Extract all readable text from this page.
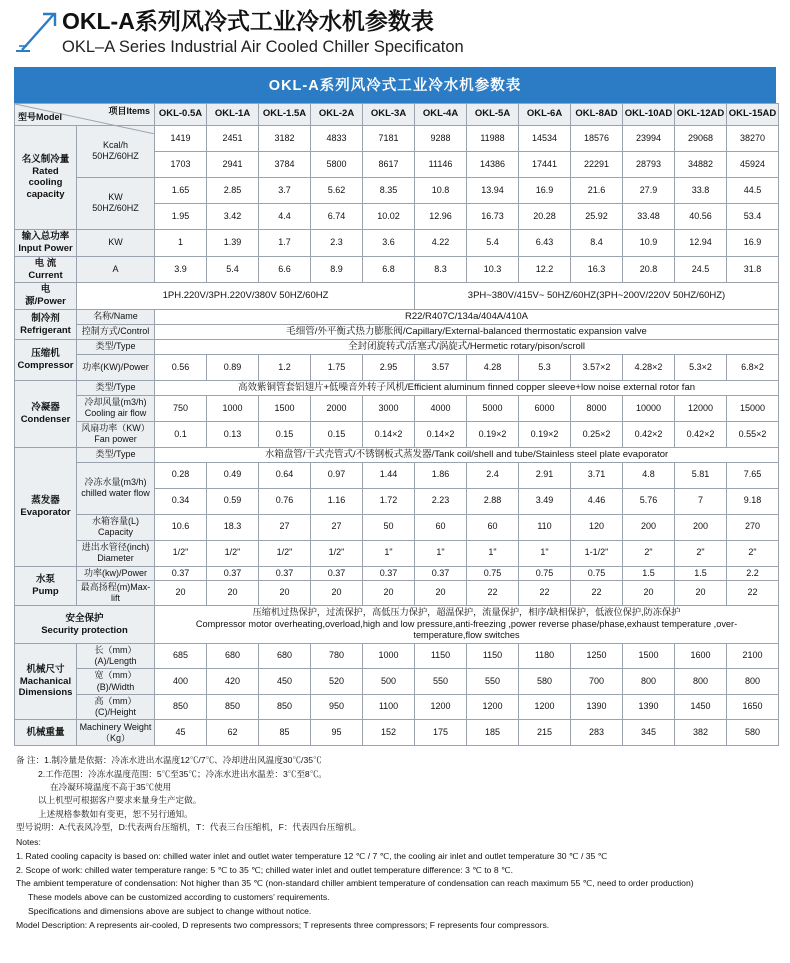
OKL-A系列风冷式工业冷水机参数表
OKL–A Series Industrial Air Cooled Chiller Specificaton
OKL-A系列风冷式工业冷水机参数表
型号Model
项目Items		OKL-0.5A	OKL-1A	OKL-1.5A	OKL-2A	OKL-3A	OKL-4A	OKL-5A	OKL-6A	OKL-8AD	OKL-10AD	OKL-12AD	OKL-15AD
名义制冷量
Rated
cooling
capacity	Kcal/h
50HZ/60HZ	1419	2451	3182	4833	7181	9288	11988	14534	18576	23994	29068	38270
		1703	2941	3784	5800	8617	11146	14386	17441	22291	28793	34882	45924
	KW
50HZ/60HZ	1.65	2.85	3.7	5.62	8.35	10.8	13.94	16.9	21.6	27.9	33.8	44.5
		1.95	3.42	4.4	6.74	10.02	12.96	16.73	20.28	25.92	33.48	40.56	53.4
输入总功率
Input Power	KW	1	1.39	1.7	2.3	3.6	4.22	5.4	6.43	8.4	10.9	12.94	16.9
电 流
Current	A	3.9	5.4	6.6	8.9	6.8	8.3	10.3	12.2	16.3	20.8	24.5	31.8
电
源/Power	1PH.220V/3PH.220V/380V 50HZ/60HZ						3PH~380V/415V~ 50HZ/60HZ(3PH~200V/220V 50HZ/60HZ)						
制冷剂
Refrigerant	名称/Name	R22/R407C/134a/404A/410A											
	控制方式/Control	毛细管/外平衡式热力膨胀阀/Capillary/External-balanced thermostatic expansion valve											
压缩机
Compressor	类型/Type	全封闭旋转式/活塞式/涡旋式/Hermetic rotary/pison/scroll											
	功率(KW)/Power	0.56	0.89	1.2	1.75	2.95	3.57	4.28	5.3	3.57×2	4.28×2	5.3×2	6.8×2
冷凝器
Condenser	类型/Type	高效紫铜管套铝翅片+低噪音外转子风机/Efficient aluminum finned copper sleeve+low noise external rotor fan											
	冷却风量(m3/h)
Cooling air flow	750	1000	1500	2000	3000	4000	5000	6000	8000	10000	12000	15000
	风扇功率（KW）
Fan power	0.1	0.13	0.15	0.15	0.14×2	0.14×2	0.19×2	0.19×2	0.25×2	0.42×2	0.42×2	0.55×2
蒸发器
Evaporator	类型/Type	水箱盘管/干式壳管式/不锈钢板式蒸发器/Tank coil/shell and tube/Stainless steel plate evaporator											
	冷冻水量(m3/h)
chilled water flow	0.28	0.49	0.64	0.97	1.44	1.86	2.4	2.91	3.71	4.8	5.81	7.65
		0.34	0.59	0.76	1.16	1.72	2.23	2.88	3.49	4.46	5.76	7	9.18
	水箱容量(L)
Capacity	10.6	18.3	27	27	50	60	60	110	120	200	200	270
	进出水管径(inch)
Diameter	1/2"	1/2"	1/2"	1/2"	1"	1"	1"	1"	1-1/2"	2"	2"	2"
水泵
Pump	功率(kw)/Power	0.37	0.37	0.37	0.37	0.37	0.37	0.75	0.75	0.75	1.5	1.5	2.2
	最高扬程(m)Max-lift	20	20	20	20	20	20	22	22	22	20	20	22
安全保护
Security protection	
压缩机过热保护，过流保护，高低压力保护，超温保护，流量保护，相序/缺相保护，低液位保护,防冻保护
Compressor motor overheating,overload,high and low pressure,anti-freezing ,power reverse phase/phase,exhaust temperature ,over-
temperature,flow switches

机械尺寸
Machanical
Dimensions	长（mm）(A)/Length	685	680	680	780	1000	1150	1150	1180	1250	1500	1600	2100
	宽（mm）(B)/Width	400	420	450	520	500	550	550	580	700	800	800	800
	高（mm）(C)/Height	850	850	850	950	1100	1200	1200	1200	1390	1390	1450	1650
机械重量	Machinery Weight
（Kg）	45	62	85	95	152	175	185	215	283	345	382	580
备 注：1.制冷量是依据：冷冻水进出水温度12℃/7℃、冷却进出风温度30℃/35℃
2.工作范围：冷冻水温度范围：5℃至35℃；冷冻水进出水温差：3℃至8℃。
在冷凝环境温度不高于35℃使用
以上机型可根据客户要求来量身生产定做。
上述规格参数如有变更，恕不另行通知。
型号说明：A:代表风冷型，D:代表两台压缩机，T：代表三台压缩机，F：代表四台压缩机。
Notes:
1. Rated cooling capacity is based on: chilled water inlet and outlet water temperature 12 ℃ / 7 ℃, the cooling air inlet and outlet temperature 30 ℃ / 35 ℃
2. Scope of work: chilled water temperature range: 5 ℃ to 35 ℃; chilled water inlet and outlet temperature difference: 3 ℃ to 8 ℃.
The ambient temperature of condensation: Not higher than 35 ℃ (non-standard chiller ambient temperature of condensation can reach maximum 55 ℃, need to order production)
These models above can be customized according to customers’ requirements.
Specifications and dimensions above are subject to change without notice.
Model Description: A represents air-cooled, D represents two compressors; T represents three compressors; F represents four compressors.
